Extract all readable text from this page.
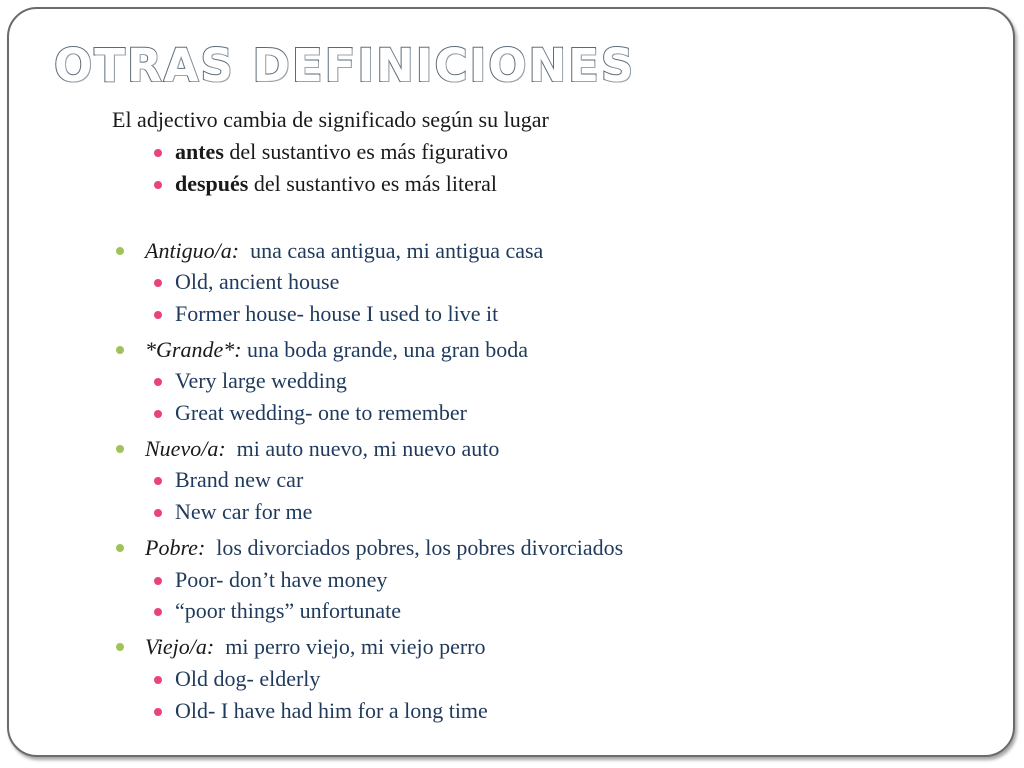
OTRAS DEFINICIONES
El adjectivo cambia de significado según su lugar
antes del sustantivo es más figurativo
después del sustantivo es más literal
Antiguo/a:  una casa antigua, mi antigua casa
*Grande*: una boda grande, una gran boda
Nuevo/a:  mi auto nuevo, mi nuevo auto
Pobre:  los divorciados pobres, los pobres divorciados
Viejo/a:  mi perro viejo, mi viejo perro
Old, ancient house
Former house- house I used to live it
Very large wedding
Great wedding- one to remember
Brand new car
New car for me
Poor- don’t have money
“poor things” unfortunate
Old dog- elderly
Old- I have had him for a long time
